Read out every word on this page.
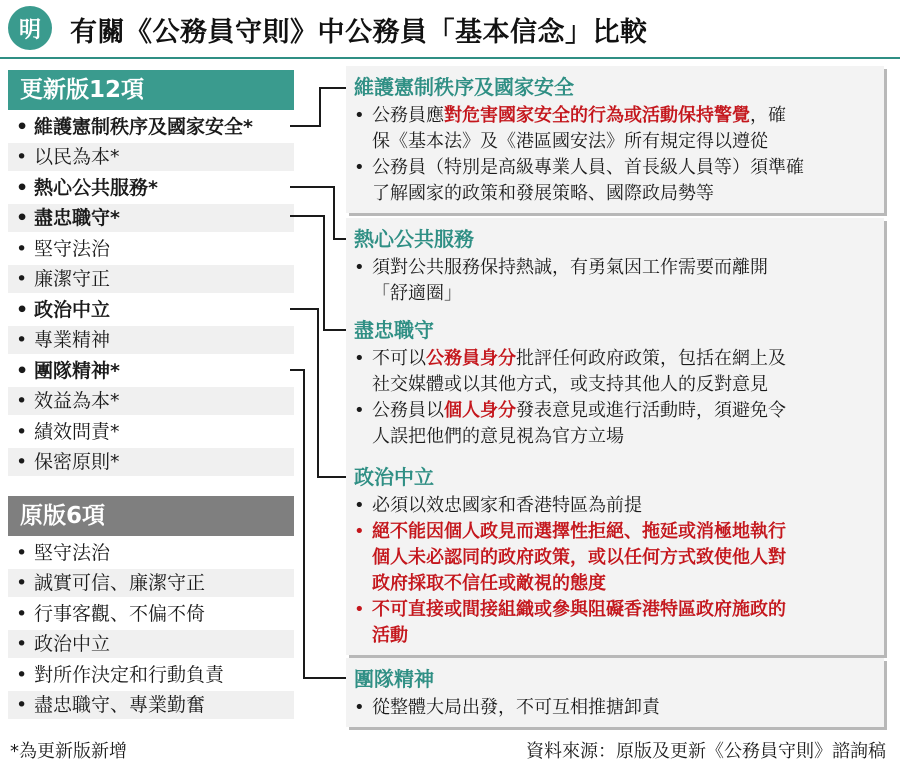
明	有關《公務員守則》中公務員「基本信念」比較
更新版12項
• 維護憲制秩序及國家安全*
• 以民為本*
• 熱心公共服務*
• 盡忠職守*
• 堅守法治
• 廉潔守正
• 政治中立
• 專業精神
• 團隊精神*
• 效益為本*
• 績效問責*
• 保密原則*
原版6項
• 堅守法治
• 誠實可信、廉潔守正
• 行事客觀、不偏不倚
• 政治中立
• 對所作決定和行動負責
• 盡忠職守、專業勤奮
維護憲制秩序及國家安全
• 公務員應對危害國家安全的行為或活動保持警覺，確
保《基本法》及《港區國安法》所有規定得以遵從
• 公務員（特別是高級專業人員、首長級人員等）須準確
了解國家的政策和發展策略、國際政局勢等
熱心公共服務
• 須對公共服務保持熱誠，有勇氣因工作需要而離開
「舒適圈」
盡忠職守
• 不可以公務員身分批評任何政府政策，包括在網上及
社交媒體或以其他方式，或支持其他人的反對意見
• 公務員以個人身分發表意見或進行活動時，須避免令
人誤把他們的意見視為官方立場
政治中立
• 必須以效忠國家和香港特區為前提
• 絕不能因個人政見而選擇性拒絕、拖延或消極地執行
個人未必認同的政府政策，或以任何方式致使他人對
政府採取不信任或敵視的態度
• 不可直接或間接組織或參與阻礙香港特區政府施政的
活動
團隊精神
• 從整體大局出發，不可互相推搪卸責
*為更新版新增	資料來源：原版及更新《公務員守則》諮詢稿
